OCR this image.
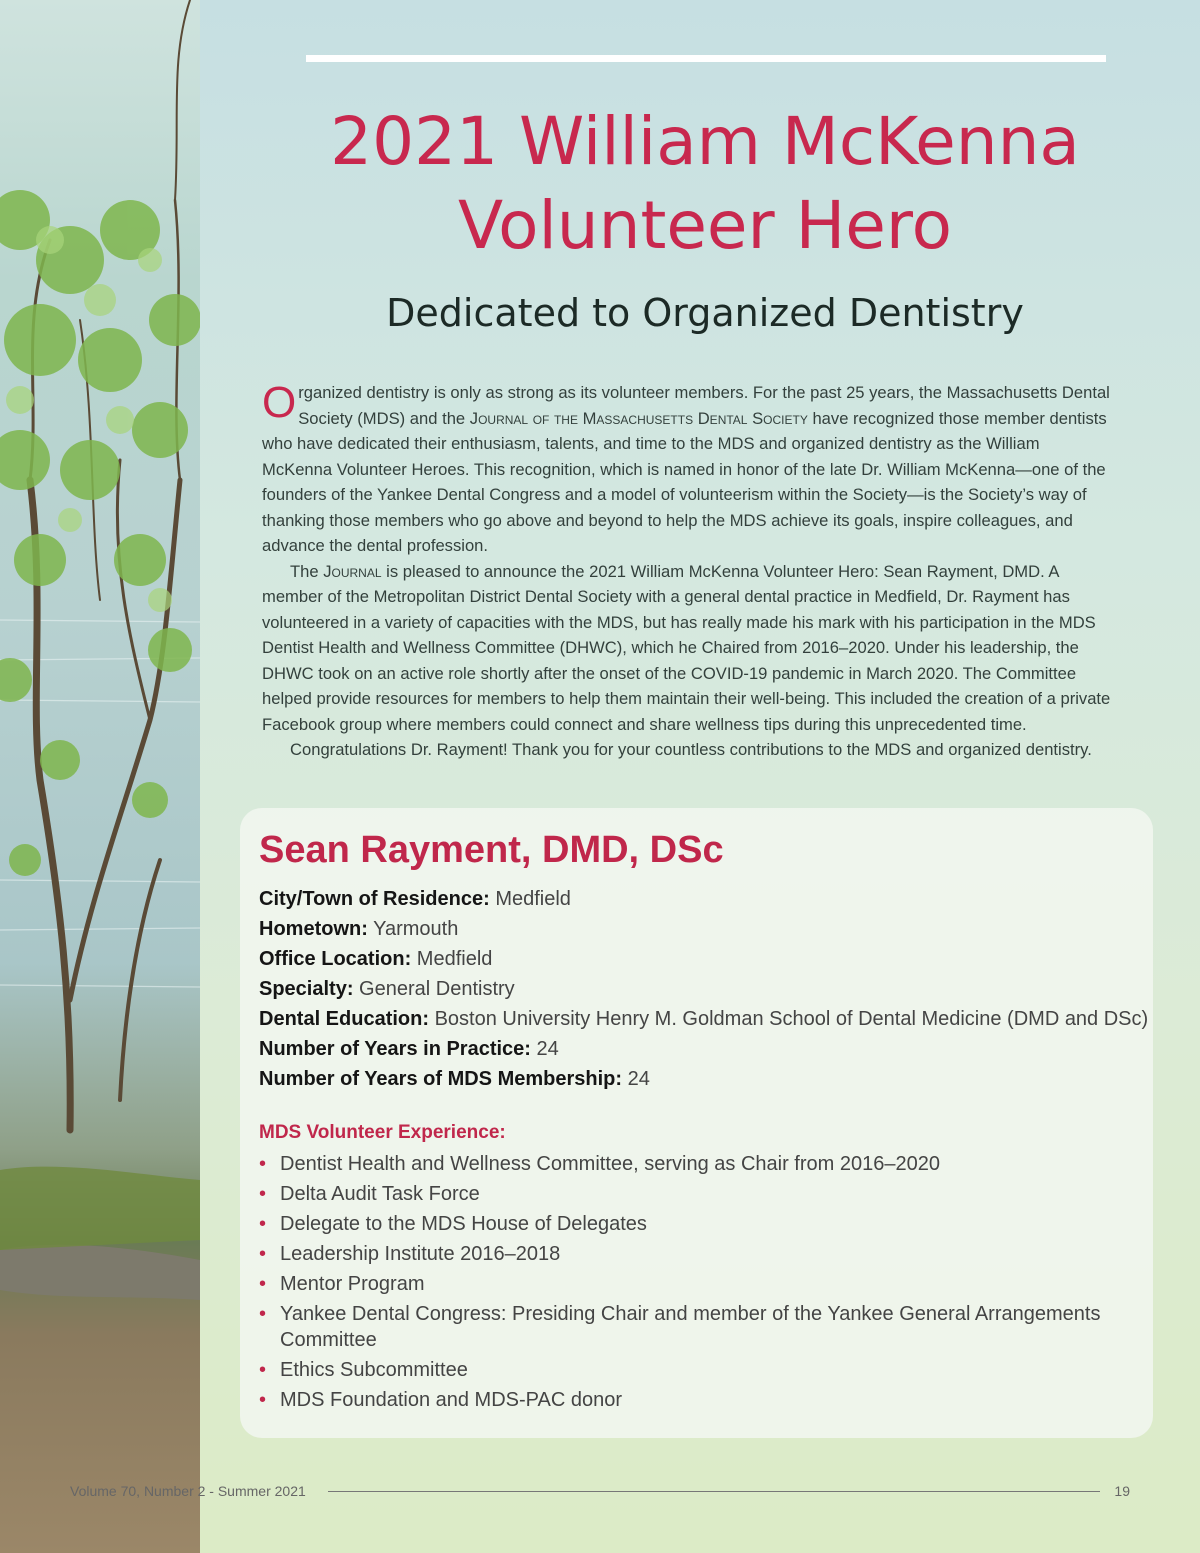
2021 William McKenna
Volunteer Hero
Dedicated to Organized Dentistry

Organized dentistry is only as strong as its volunteer members. For the past 25 years, the Massachusetts Dental Society (MDS) and the Journal of the Massachusetts Dental Society have recognized those member dentists who have dedicated their enthusiasm, talents, and time to the MDS and organized dentistry as the William McKenna Volunteer Heroes. This recognition, which is named in honor of the late Dr. William McKenna—one of the founders of the Yankee Dental Congress and a model of volunteerism within the Society—is the Society’s way of thanking those members who go above and beyond to help the MDS achieve its goals, inspire colleagues, and advance the dental profession.

The Journal is pleased to announce the 2021 William McKenna Volunteer Hero: Sean Rayment, DMD. A member of the Metropolitan District Dental Society with a general dental practice in Medfield, Dr. Rayment has volunteered in a variety of capacities with the MDS, but has really made his mark with his participation in the MDS Dentist Health and Wellness Committee (DHWC), which he Chaired from 2016–2020. Under his leadership, the DHWC took on an active role shortly after the onset of the COVID-19 pandemic in March 2020. The Committee helped provide resources for members to help them maintain their well-being. This included the creation of a private Facebook group where members could connect and share wellness tips during this unprecedented time.

Congratulations Dr. Rayment! Thank you for your countless contributions to the MDS and organized dentistry.

Sean Rayment, DMD, DSc
City/Town of Residence: Medfield
Hometown: Yarmouth
Office Location: Medfield
Specialty: General Dentistry
Dental Education: Boston University Henry M. Goldman School of Dental Medicine (DMD and DSc)
Number of Years in Practice: 24
Number of Years of MDS Membership: 24
MDS Volunteer Experience:
• Dentist Health and Wellness Committee, serving as Chair from 2016–2020
• Delta Audit Task Force
• Delegate to the MDS House of Delegates
• Leadership Institute 2016–2018
• Mentor Program
• Yankee Dental Congress: Presiding Chair and member of the Yankee General Arrangements Committee
• Ethics Subcommittee
• MDS Foundation and MDS-PAC donor
Volume 70, Number 2 - Summer 2021	19
